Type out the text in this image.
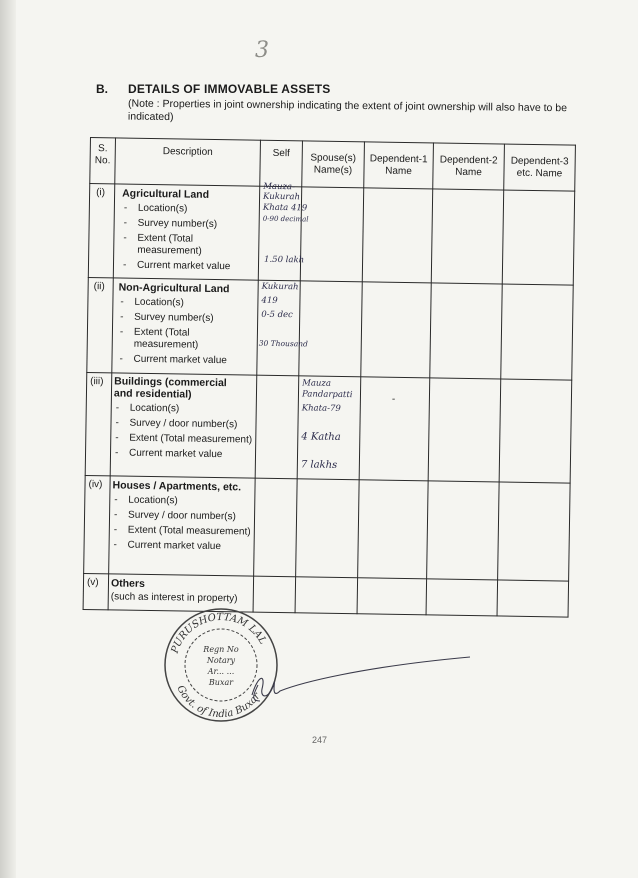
3
B. DETAILS OF IMMOVABLE ASSETS
(Note : Properties in joint ownership indicating the extent of joint ownership will also have to be indicated)
S. No.
Description	Self	Spouse(s) Name(s)
Dependent-1 Name
Dependent-2 Name
Dependent-3 etc. Name
(i) Agricultural Land
- Location(s)
- Survey number(s)
- Extent (Total measurement)
- Current market value
Mauza-
Kukurah
Khata 419
0-90 decimal
1.50 lakh
(ii) Non-Agricultural Land
- Location(s)
- Survey number(s)
- Extent (Total measurement)
- Current market value
Kukurah
419
0-5 dec
30 Thousand
(iii) Buildings (commercial and residential)
- Location(s)
- Survey / door number(s)
- Extent (Total measurement)
- Current market value
Mauza
Pandarpatti
Khata-79
4 Katha
7 lakhs
-
(iv) Houses / Apartments, etc.
- Location(s)
- Survey / door number(s)
- Extent (Total measurement)
- Current market value
(v) Others
(such as interest in property)
PURUSHOTTAM LAL
Govt. of India Buxar
Regn No
Notary
Ar... ...
Buxar
247
